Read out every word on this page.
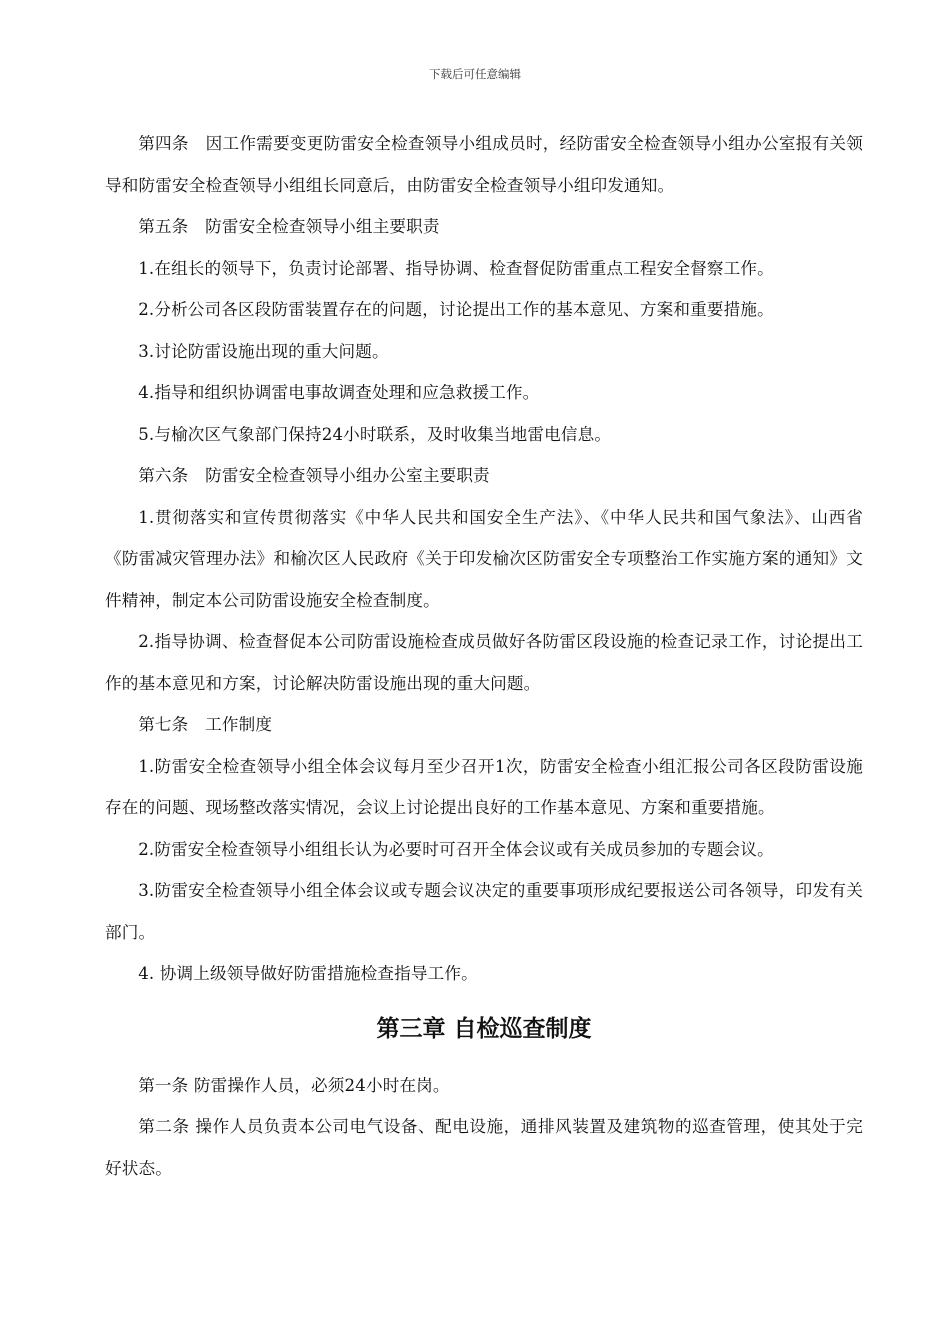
下载后可任意编辑

第四条　因工作需要变更防雷安全检查领导小组成员时，经防雷安全检查领导小组办公室报有关领导和防雷安全检查领导小组组长同意后，由防雷安全检查领导小组印发通知。

第五条　防雷安全检查领导小组主要职责

1.在组长的领导下，负责讨论部署、指导协调、检查督促防雷重点工程安全督察工作。

2.分析公司各区段防雷装置存在的问题，讨论提出工作的基本意见、方案和重要措施。

3.讨论防雷设施出现的重大问题。

4.指导和组织协调雷电事故调查处理和应急救援工作。

5.与榆次区气象部门保持24小时联系，及时收集当地雷电信息。

第六条　防雷安全检查领导小组办公室主要职责

1.贯彻落实和宣传贯彻落实《中华人民共和国安全生产法》、《中华人民共和国气象法》、山西省《防雷减灾管理办法》和榆次区人民政府《关于印发榆次区防雷安全专项整治工作实施方案的通知》文件精神，制定本公司防雷设施安全检查制度。

2.指导协调、检查督促本公司防雷设施检查成员做好各防雷区段设施的检查记录工作，讨论提出工作的基本意见和方案，讨论解决防雷设施出现的重大问题。

第七条　工作制度

1.防雷安全检查领导小组全体会议每月至少召开1次，防雷安全检查小组汇报公司各区段防雷设施存在的问题、现场整改落实情况，会议上讨论提出良好的工作基本意见、方案和重要措施。

2.防雷安全检查领导小组组长认为必要时可召开全体会议或有关成员参加的专题会议。

3.防雷安全检查领导小组全体会议或专题会议决定的重要事项形成纪要报送公司各领导，印发有关部门。

4. 协调上级领导做好防雷措施检查指导工作。

第三章 自检巡查制度

第一条 防雷操作人员，必须24小时在岗。

第二条 操作人员负责本公司电气设备、配电设施，通排风装置及建筑物的巡查管理，使其处于完好状态。
